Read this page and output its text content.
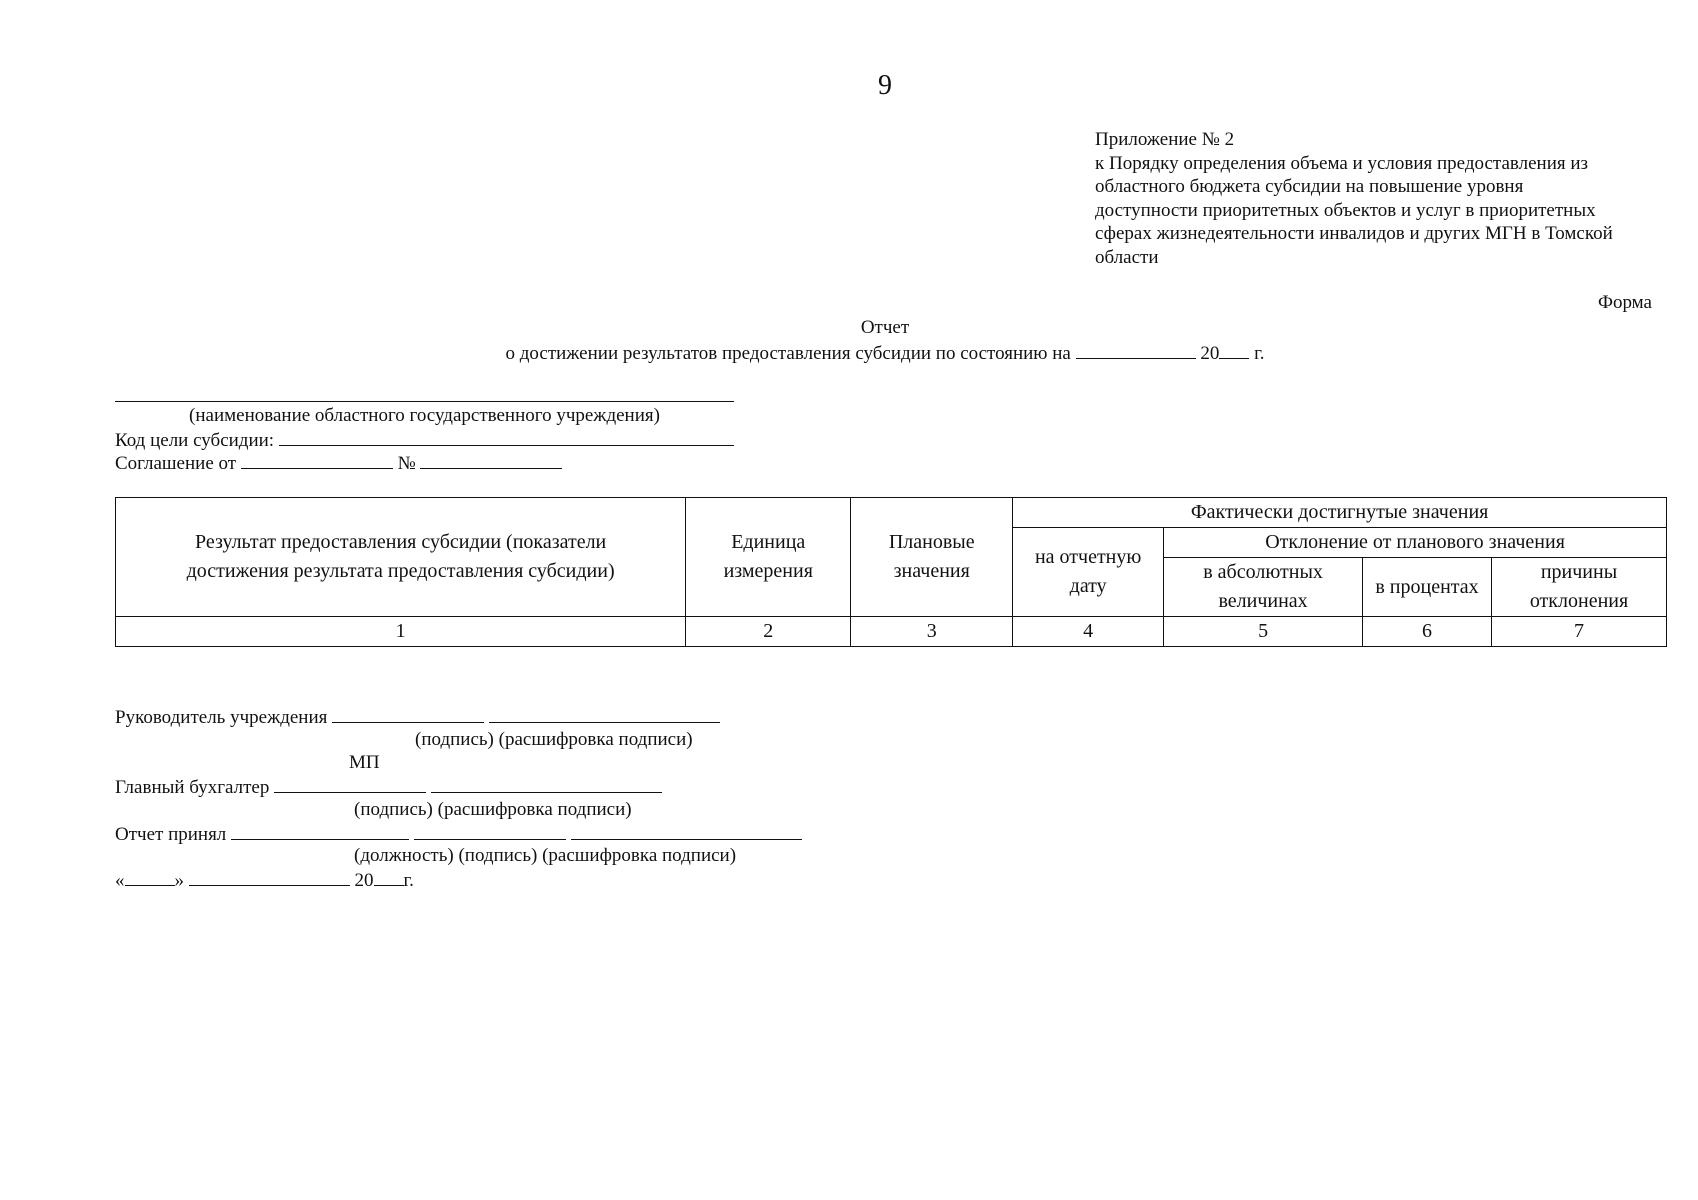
9
Приложение № 2
к Порядку определения объема и условия предоставления из
областного бюджета субсидии на повышение уровня
доступности приоритетных объектов и услуг в приоритетных
сферах жизнедеятельности инвалидов и других МГН в Томской
области
Форма
Отчет
о достижении результатов предоставления субсидии по состоянию на	20 г.
(наименование областного государственного учреждения)
Код цели субсидии:
Соглашение от	№
Результат предоставления субсидии (показатели достижения результата предоставления субсидии)	Единица измерения	Плановые значения	Фактически достигнутые значения			
			на отчетную дату	Отклонение от планового значения		
				в абсолютных величинах	в процентах	причины отклонения

1	2	3	4	5	6	7
Руководитель учреждения
(подпись) (расшифровка подписи)
МП
Главный бухгалтер
(подпись) (расшифровка подписи)
Отчет принял
(должность) (подпись) (расшифровка подписи)
«	»	20 г.
